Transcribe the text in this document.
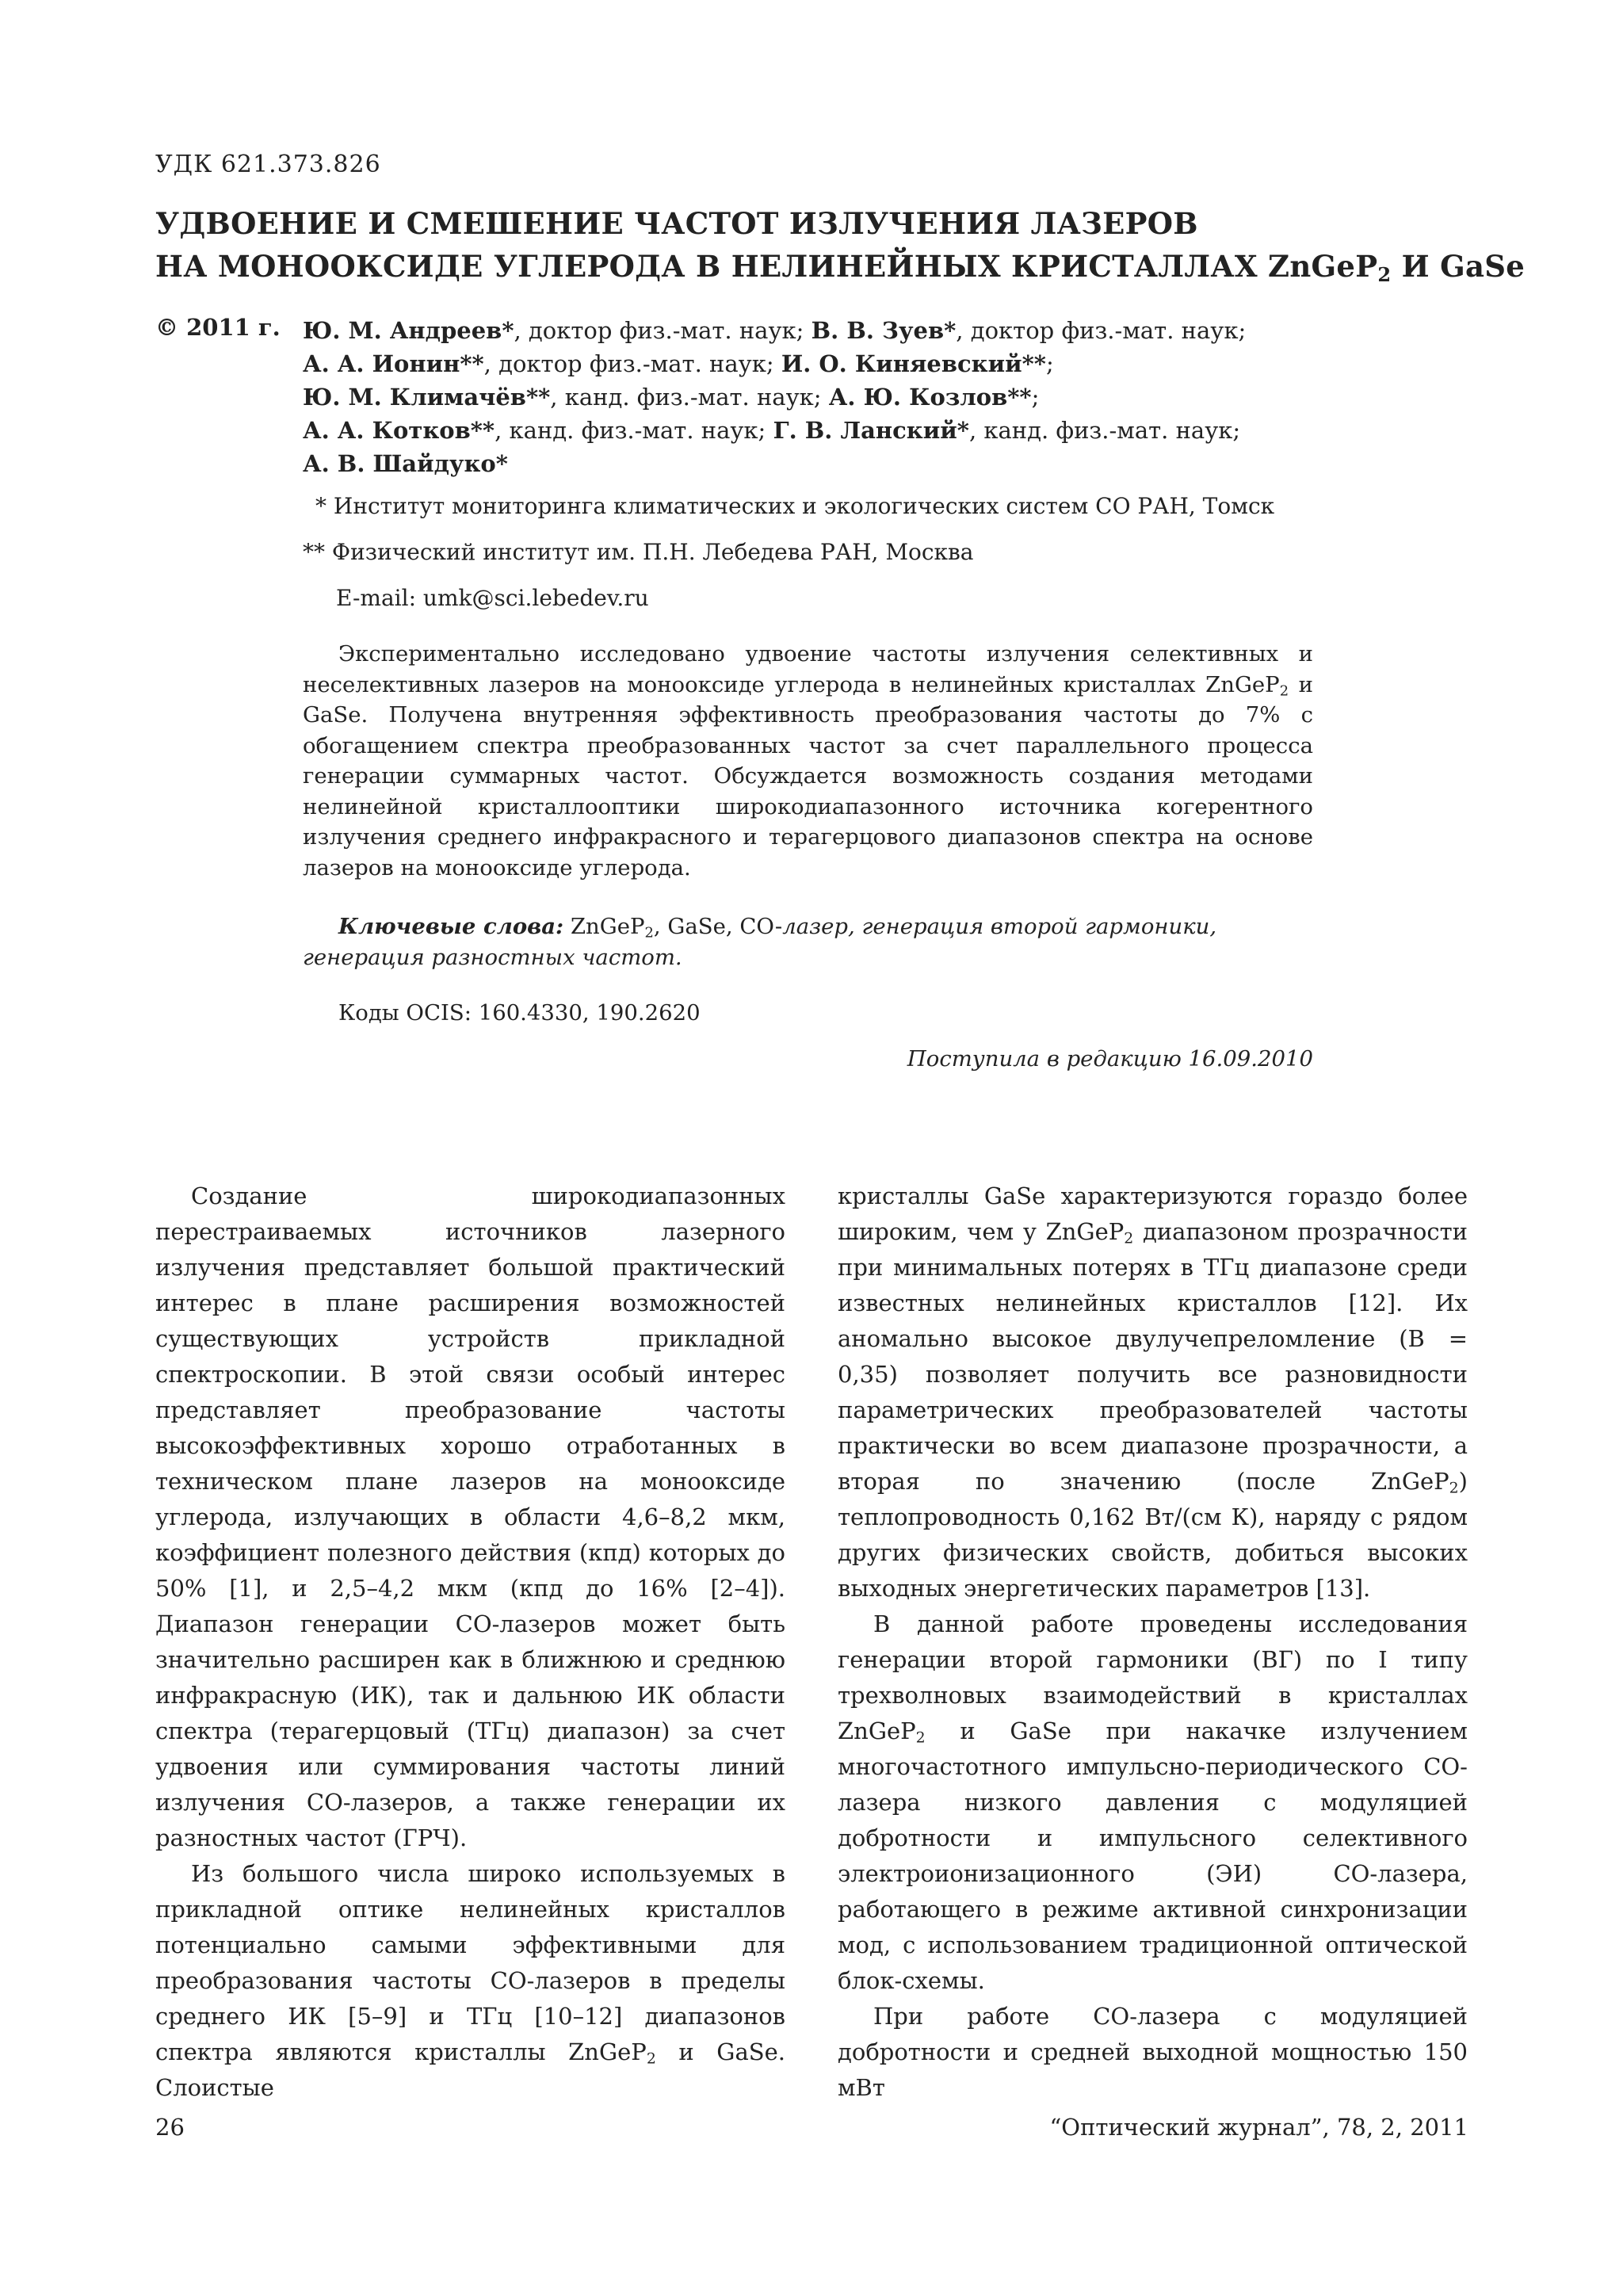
УДК 621.373.826
УДВОЕНИЕ И СМЕШЕНИЕ ЧАСТОТ ИЗЛУЧЕНИЯ ЛАЗЕРОВ
НА МОНООКСИДЕ УГЛЕРОДА В НЕЛИНЕЙНЫХ КРИСТАЛЛАХ ZnGeP$_2$ И GaSe
© 2011 г. Ю. М. Андреев*, доктор физ.-мат. наук; В. В. Зуев*, доктор физ.-мат. наук;
А. А. Ионин**, доктор физ.-мат. наук; И. О. Киняевский**;
Ю. М. Климачёв**, канд. физ.-мат. наук; А. Ю. Козлов**;
А. А. Котков**, канд. физ.-мат. наук; Г. В. Ланский*, канд. физ.-мат. наук;
А. В. Шайдуко*
* Институт мониторинга климатических и экологических систем СО РАН, Томск
** Физический институт им. П.Н. Лебедева РАН, Москва
E-mail: umk@sci.lebedev.ru

Экспериментально исследовано удвоение частоты излучения селективных и неселективных лазеров на монооксиде углерода в нелинейных кристаллах ZnGeP$_2$ и GaSe. Получена внутренняя эффективность преобразования частоты до 7% с обогащением спектра преобразованных частот за счет параллельного процесса генерации суммарных частот. Обсуждается возможность создания методами нелинейной кристаллооптики широкодиапазонного источника когерентного излучения среднего инфракрасного и терагерцового диапазонов спектра на основе лазеров на монооксиде углерода.

Ключевые слова: ZnGeP$_2$, GaSe, CO-лазер, генерация второй гармоники, генерация разностных частот.
Коды OCIS: 160.4330, 190.2620
Поступила в редакцию 16.09.2010

Создание широкодиапазонных перестраиваемых источников лазерного излучения представляет большой практический интерес в плане расширения возможностей существующих устройств прикладной спектроскопии. В этой связи особый интерес представляет преобразование частоты высокоэффективных хорошо отработанных в техническом плане лазеров на монооксиде углерода, излучающих в области 4,6–8,2 мкм, коэффициент полезного действия (кпд) которых до 50% [1], и 2,5–4,2 мкм (кпд до 16% [2–4]). Диапазон генерации СО-лазеров может быть значительно расширен как в ближнюю и среднюю инфракрасную (ИК), так и дальнюю ИК области спектра (терагерцовый (ТГц) диапазон) за счет удвоения или суммирования частоты линий излучения СО-лазеров, а также генерации их разностных частот (ГРЧ).

Из большого числа широко используемых в прикладной оптике нелинейных кристаллов потенциально самыми эффективными для преобразования частоты СО-лазеров в пределы среднего ИК [5–9] и ТГц [10–12] диапазонов спектра являются кристаллы ZnGeP$_2$ и GaSe. Слоистые

кристаллы GaSe характеризуются гораздо более широким, чем у ZnGeP$_2$ диапазоном прозрачности при минимальных потерях в ТГц диапазоне среди известных нелинейных кристаллов [12]. Их аномально высокое двулучепреломление (B = 0,35) позволяет получить все разновидности параметрических преобразователей частоты практически во всем диапазоне прозрачности, а вторая по значению (после ZnGeP$_2$) теплопроводность 0,162 Вт/(см К), наряду с рядом других физических свойств, добиться высоких выходных энергетических параметров [13].

В данной работе проведены исследования генерации второй гармоники (ВГ) по I типу трехволновых взаимодействий в кристаллах ZnGeP$_2$ и GaSe при накачке излучением многочастотного импульсно-периодического СО-лазера низкого давления с модуляцией добротности и импульсного селективного электроионизационного (ЭИ) СО-лазера, работающего в режиме активной синхронизации мод, с использованием традиционной оптической блок-схемы.

При работе СО-лазера с модуляцией добротности и средней выходной мощностью 150 мВт

26	“Оптический журнал”, 78, 2, 2011
